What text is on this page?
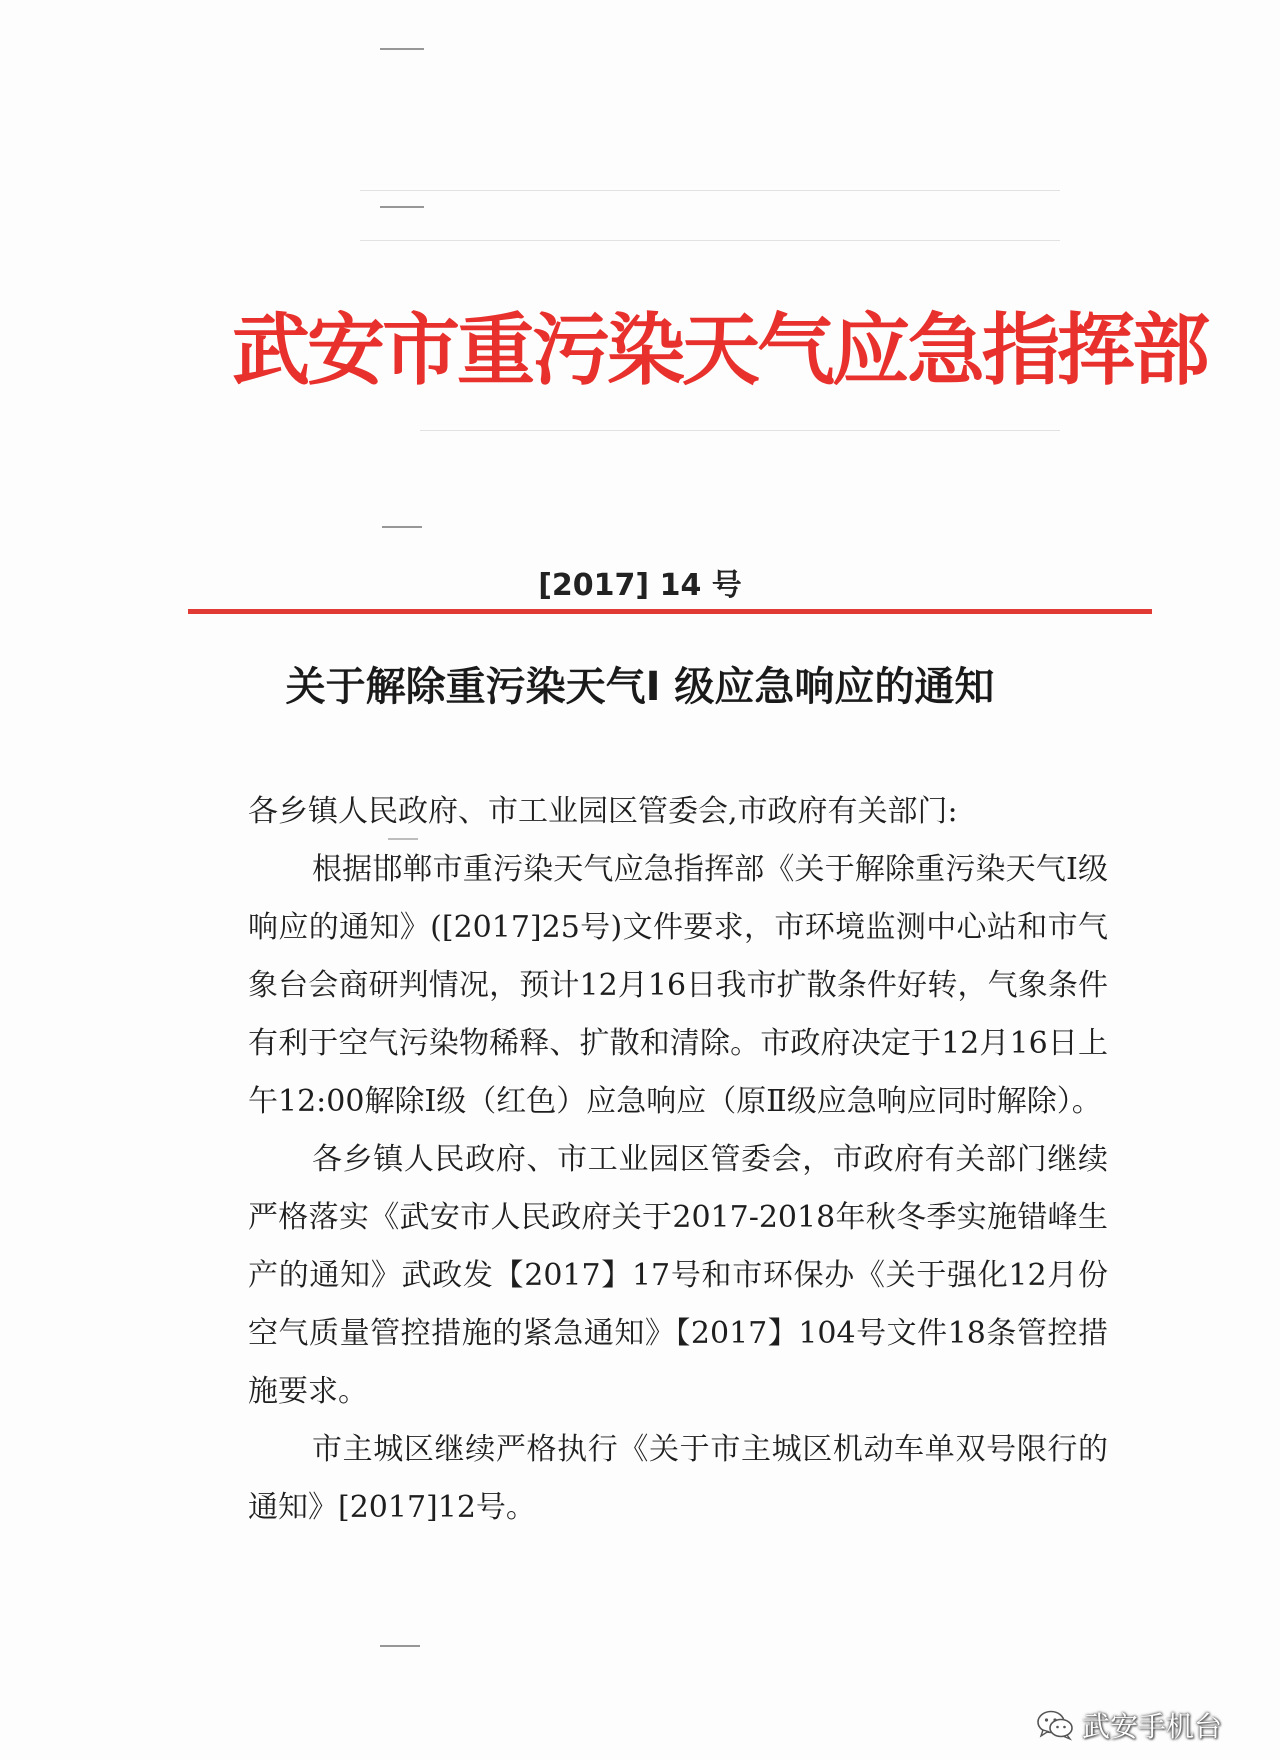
武安市重污染天气应急指挥部
[2017] 14 号
关于解除重污染天气I 级应急响应的通知

各乡镇人民政府、市工业园区管委会,市政府有关部门:

根据邯郸市重污染天气应急指挥部《关于解除重污染天气Ⅰ级响应的通知》([2017]25号)文件要求，市环境监测中心站和市气象台会商研判情况，预计12月16日我市扩散条件好转，气象条件有利于空气污染物稀释、扩散和清除。市政府决定于12月16日上午12:00解除Ⅰ级（红色）应急响应（原Ⅱ级应急响应同时解除）。

各乡镇人民政府、市工业园区管委会，市政府有关部门继续严格落实《武安市人民政府关于2017-2018年秋冬季实施错峰生产的通知》武政发【2017】17号和市环保办《关于强化12月份空气质量管控措施的紧急通知》【2017】104号文件18条管控措施要求。

市主城区继续严格执行《关于市主城区机动车单双号限行的通知》[2017]12号。

武安手机台
